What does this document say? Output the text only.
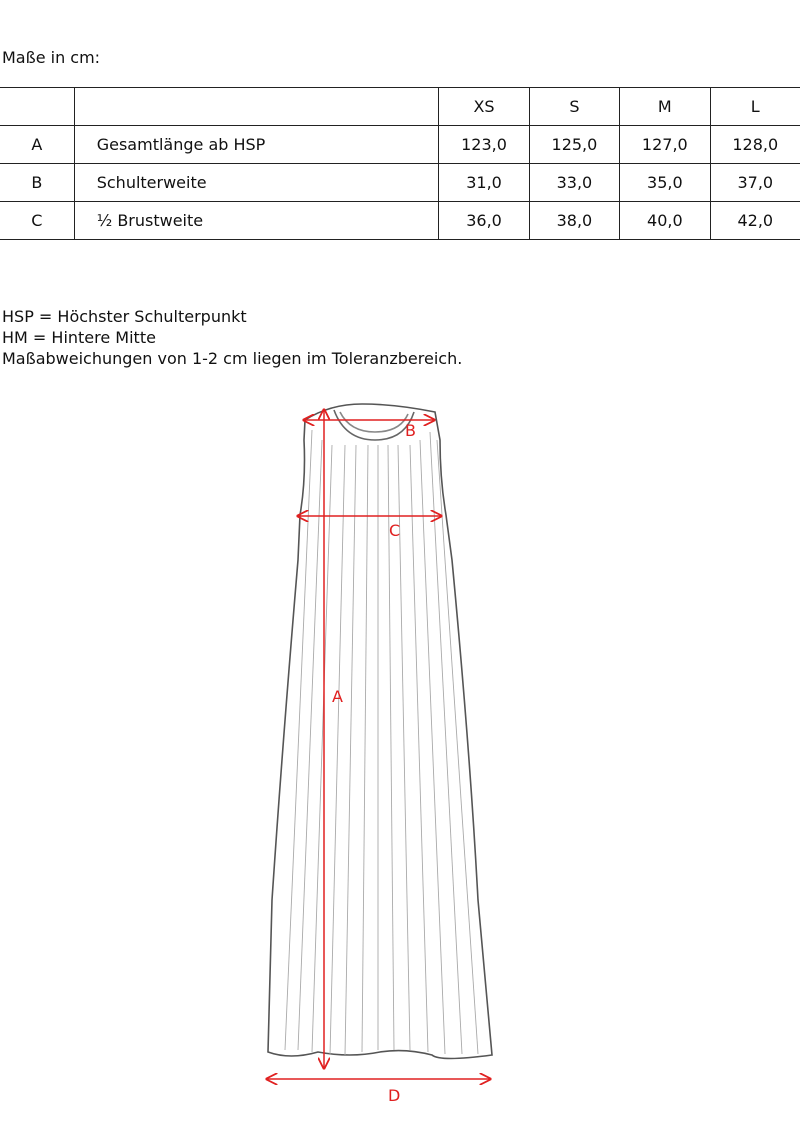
Maße in cm:
		XS	S	M	L
A	Gesamtlänge ab HSP	123,0	125,0	127,0	128,0
B	Schulterweite	31,0	33,0	35,0	37,0
C	½ Brustweite	36,0	38,0	40,0	42,0
HSP = Höchster Schulterpunkt
HM = Hintere Mitte
Maßabweichungen von 1-2 cm liegen im Toleranzbereich.
A
B
C
D
